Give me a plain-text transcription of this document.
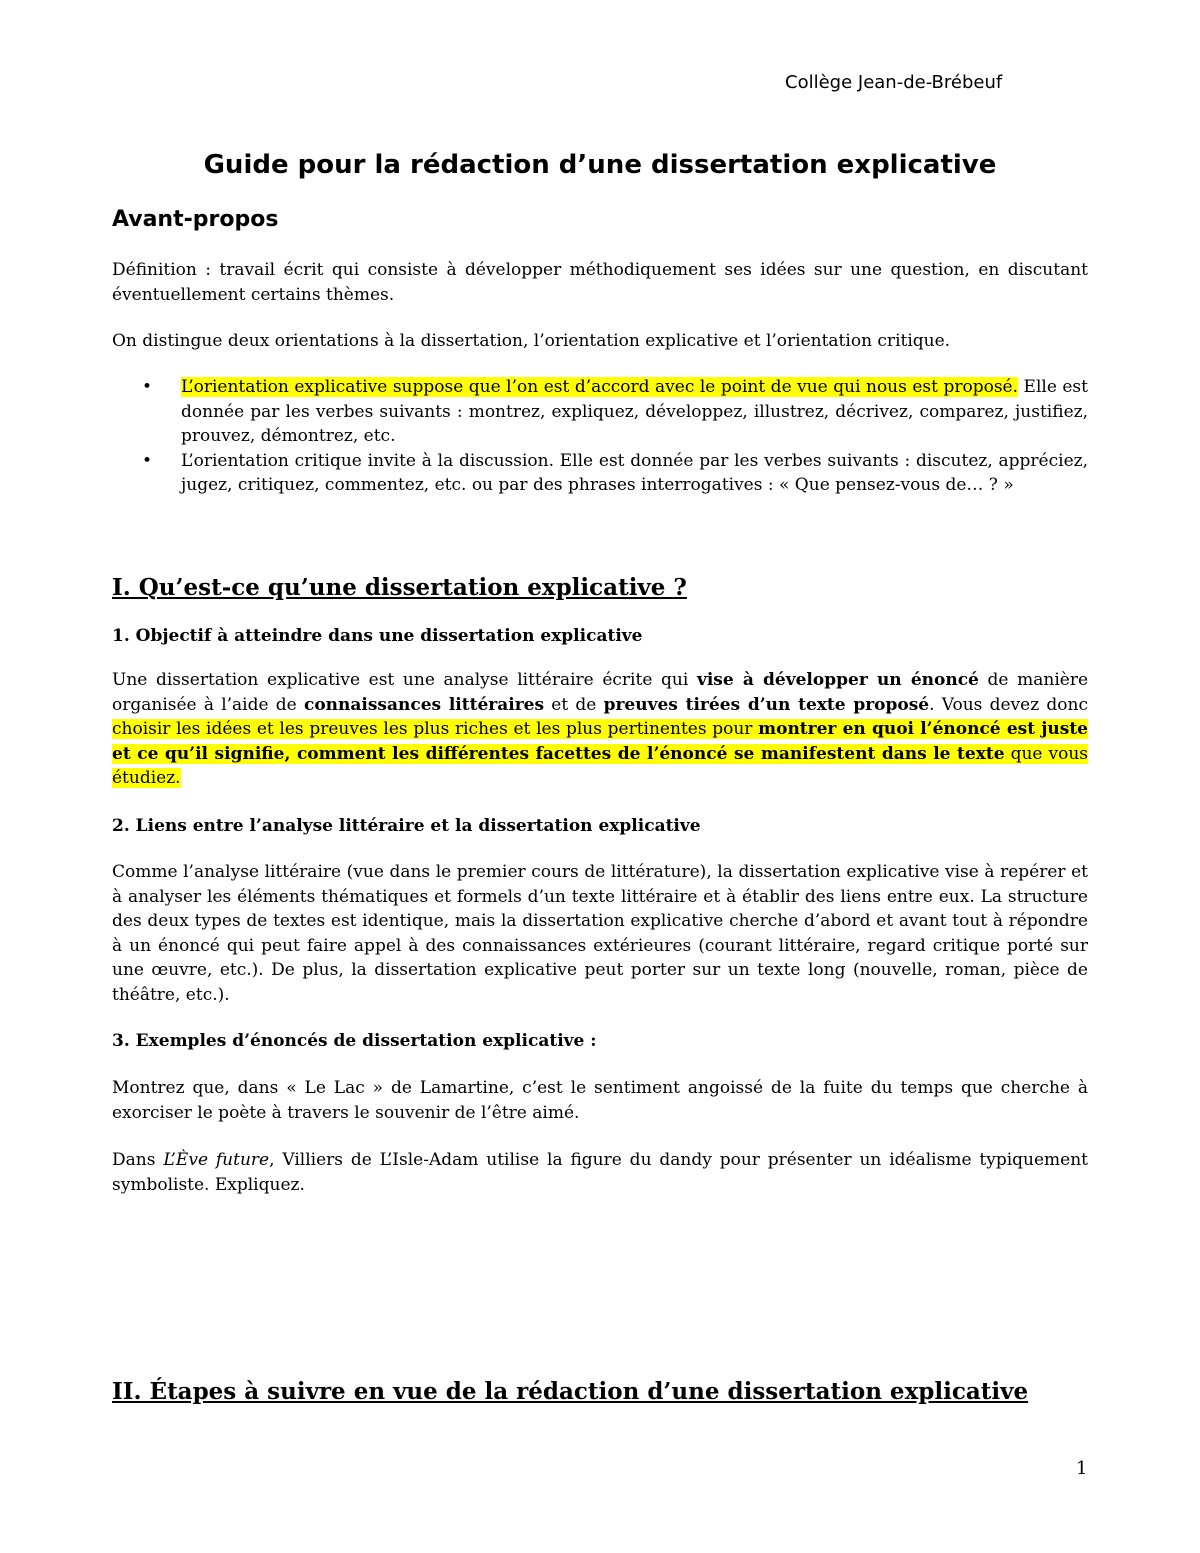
Collège Jean-de-Brébeuf
Guide pour la rédaction d’une dissertation explicative
Avant-propos
Définition : travail écrit qui consiste à développer méthodiquement ses idées sur une question, en discutant éventuellement certains thèmes.
On distingue deux orientations à la dissertation, l’orientation explicative et l’orientation critique.
• L’orientation explicative suppose que l’on est d’accord avec le point de vue qui nous est proposé. Elle est donnée par les verbes suivants : montrez, expliquez, développez, illustrez, décrivez, comparez, justifiez, prouvez, démontrez, etc.
• L’orientation critique invite à la discussion. Elle est donnée par les verbes suivants : discutez, appréciez, jugez, critiquez, commentez, etc. ou par des phrases interrogatives : « Que pensez-vous de… ? »
I. Qu’est-ce qu’une dissertation explicative ?
1. Objectif à atteindre dans une dissertation explicative
Une dissertation explicative est une analyse littéraire écrite qui vise à développer un énoncé de manière organisée à l’aide de connaissances littéraires et de preuves tirées d’un texte proposé. Vous devez donc choisir les idées et les preuves les plus riches et les plus pertinentes pour montrer en quoi l’énoncé est juste et ce qu’il signifie, comment les différentes facettes de l’énoncé se manifestent dans le texte que vous étudiez.
2. Liens entre l’analyse littéraire et la dissertation explicative
Comme l’analyse littéraire (vue dans le premier cours de littérature), la dissertation explicative vise à repérer et à analyser les éléments thématiques et formels d’un texte littéraire et à établir des liens entre eux. La structure des deux types de textes est identique, mais la dissertation explicative cherche d’abord et avant tout à répondre à un énoncé qui peut faire appel à des connaissances extérieures (courant littéraire, regard critique porté sur une œuvre, etc.). De plus, la dissertation explicative peut porter sur un texte long (nouvelle, roman, pièce de théâtre, etc.).
3. Exemples d’énoncés de dissertation explicative :
Montrez que, dans « Le Lac » de Lamartine, c’est le sentiment angoissé de la fuite du temps que cherche à exorciser le poète à travers le souvenir de l’être aimé.
Dans L’Ève future, Villiers de L’Isle-Adam utilise la figure du dandy pour présenter un idéalisme typiquement symboliste. Expliquez.
II. Étapes à suivre en vue de la rédaction d’une dissertation explicative
1
